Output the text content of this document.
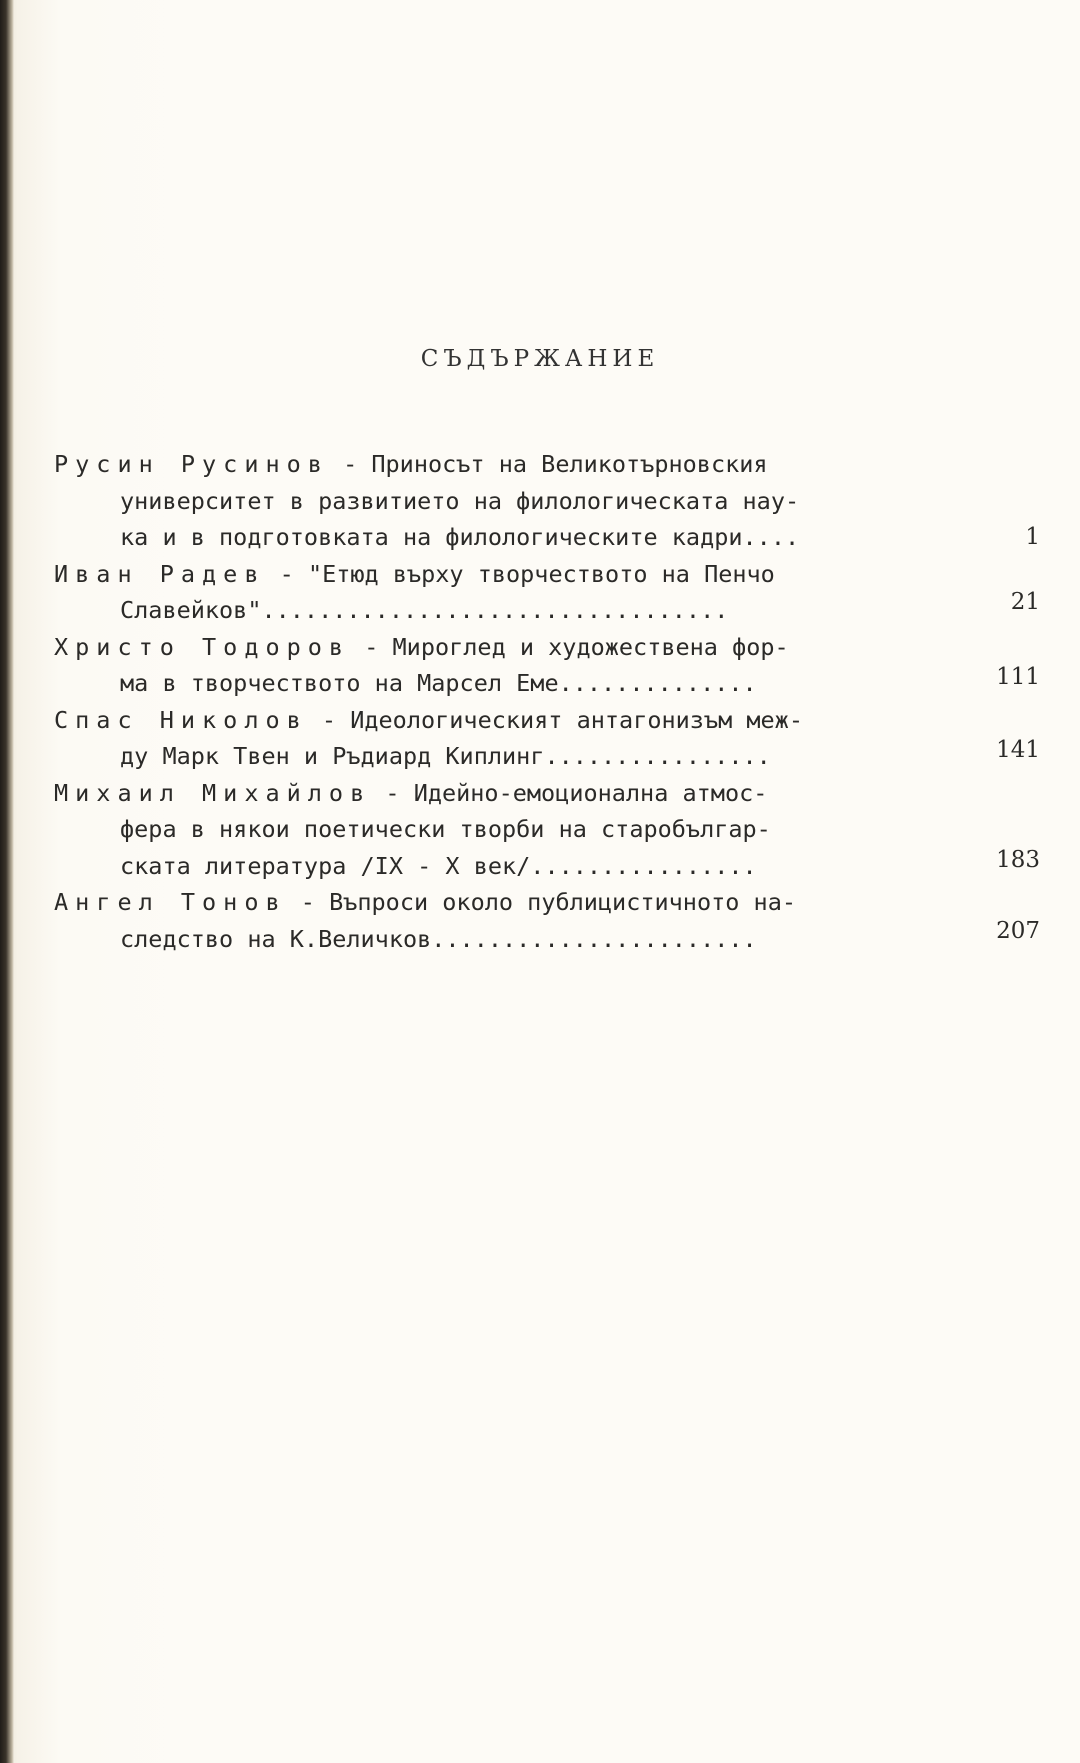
СЪДЪРЖАНИЕ
Русин Русинов - Приносът на Великотърновския
университет в развитието на филологическата нау-
ка и в подготовката на филологическите кадри....	1
Иван Радев - "Етюд върху творчеството на Пенчо
Славейков".................................	21
Христо Тодоров - Мироглед и художествена фор-
ма в творчеството на Марсел Еме..............	111
Спас Николов - Идеологическият антагонизъм меж-
ду Марк Твен и Ръдиард Киплинг................	141
Михаил Михайлов - Идейно-емоционална атмос-
фера в някои поетически творби на старобългар-
ската литература /IX - X век/................	183
Ангел Тонов - Въпроси около публицистичното на-
следство на К.Величков.......................	207
